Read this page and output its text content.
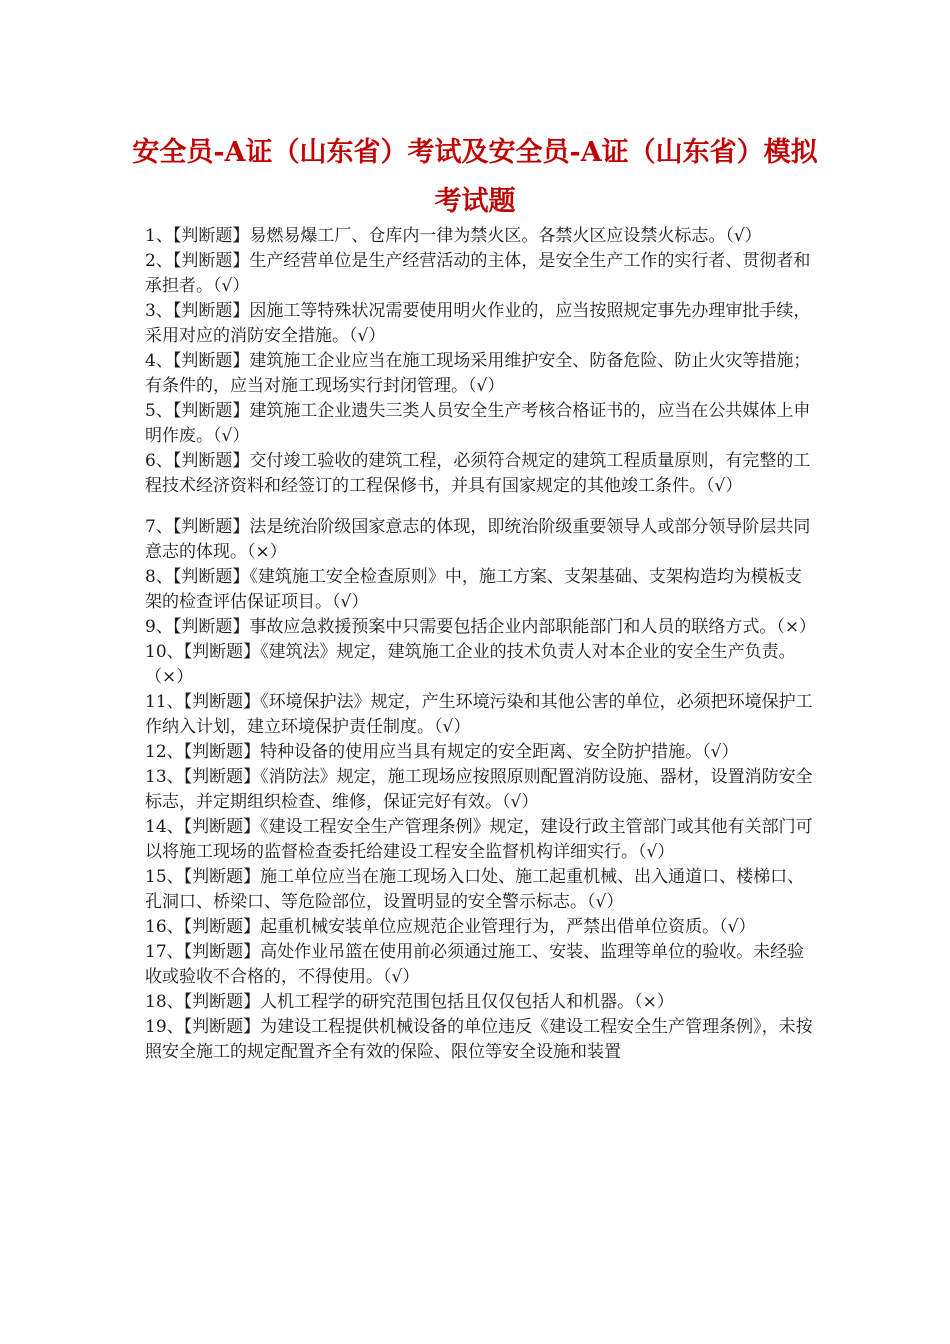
安全员-A证（山东省）考试及安全员-A证（山东省）模拟
考试题

1、【判断题】易燃易爆工厂、仓库内一律为禁火区。各禁火区应设禁火标志。（√）

2、【判断题】生产经营单位是生产经营活动的主体，是安全生产工作的实行者、贯彻者和承担者。（√）

3、【判断题】因施工等特殊状况需要使用明火作业的，应当按照规定事先办理审批手续，采用对应的消防安全措施。（√）

4、【判断题】建筑施工企业应当在施工现场采用维护安全、防备危险、防止火灾等措施；有条件的，应当对施工现场实行封闭管理。（√）

5、【判断题】建筑施工企业遗失三类人员安全生产考核合格证书的，应当在公共媒体上申明作废。（√）

6、【判断题】交付竣工验收的建筑工程，必须符合规定的建筑工程质量原则，有完整的工程技术经济资料和经签订的工程保修书，并具有国家规定的其他竣工条件。（√）

7、【判断题】法是统治阶级国家意志的体现，即统治阶级重要领导人或部分领导阶层共同意志的体现。（×）

8、【判断题】《建筑施工安全检查原则》中，施工方案、支架基础、支架构造均为模板支架的检查评估保证项目。（√）

9、【判断题】事故应急救援预案中只需要包括企业内部职能部门和人员的联络方式。（×）

10、【判断题】《建筑法》规定，建筑施工企业的技术负责人对本企业的安全生产负责。（×）

11、【判断题】《环境保护法》规定，产生环境污染和其他公害的单位，必须把环境保护工作纳入计划，建立环境保护责任制度。（√）

12、【判断题】特种设备的使用应当具有规定的安全距离、安全防护措施。（√）

13、【判断题】《消防法》规定，施工现场应按照原则配置消防设施、器材，设置消防安全标志，并定期组织检查、维修，保证完好有效。（√）

14、【判断题】《建设工程安全生产管理条例》规定，建设行政主管部门或其他有关部门可以将施工现场的监督检查委托给建设工程安全监督机构详细实行。（√）

15、【判断题】施工单位应当在施工现场入口处、施工起重机械、出入通道口、楼梯口、孔洞口、桥梁口、等危险部位，设置明显的安全警示标志。（√）

16、【判断题】起重机械安装单位应规范企业管理行为，严禁出借单位资质。（√）

17、【判断题】高处作业吊篮在使用前必须通过施工、安装、监理等单位的验收。未经验收或验收不合格的，不得使用。（√）

18、【判断题】人机工程学的研究范围包括且仅仅包括人和机器。（×）

19、【判断题】为建设工程提供机械设备的单位违反《建设工程安全生产管理条例》，未按照安全施工的规定配置齐全有效的保险、限位等安全设施和装置
